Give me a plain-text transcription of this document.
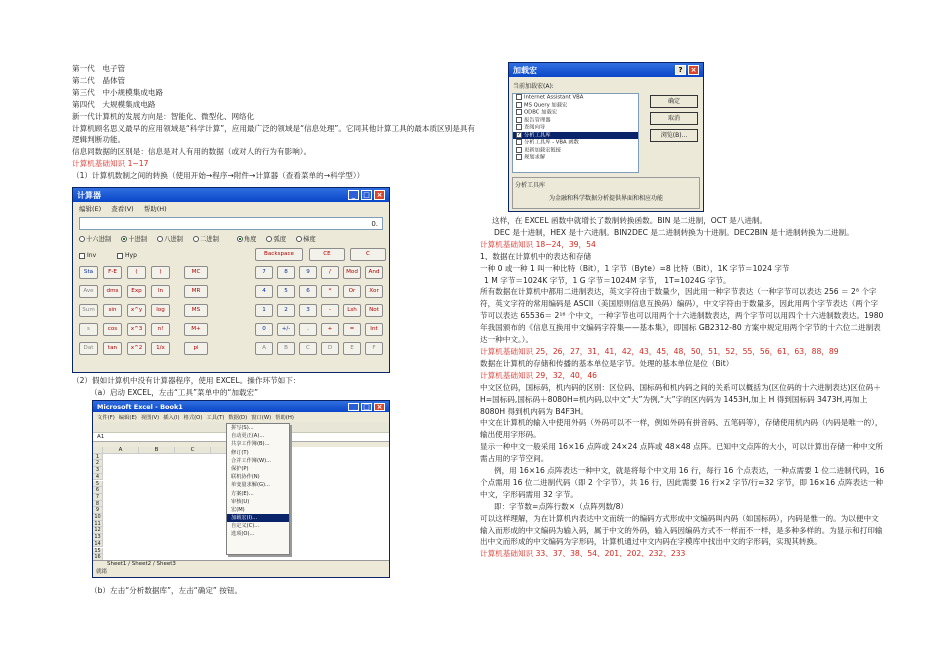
第一代　电子管
第二代　晶体管
第三代　中小规模集成电路
第四代　大规模集成电路
新一代计算机的发展方向是：智能化、微型化、网络化
计算机顾名思义最早的应用领域是“科学计算”，应用最广泛的领域是“信息处理”。它同其他计算工具的最本质区别是具有逻辑判断功能。
信息同数据的区别是：信息是对人有用的数据（或对人的行为有影响）。
计算机基础知识 1~17
（1）计算机数制之间的转换（使用开始→程序→附件→计算器（查看菜单的→科学型））
计算器	_	□ ×
编辑(E) 查看(V) 帮助(H)
0.
十六进制	十进制	八进制	二进制	角度	弧度	梯度
Inv	Hyp	Backspace	CE	C
Sta	F-E	(	)
Ave	dms	Exp	ln
Sum	sin	x^y	log
s	cos	x^3	n!
Dat	tan	x^2	1/x
MC
MR
MS
M+
pi
7	8	9	/	Mod	And
4	5	6	*	Or	Xor
1	2	3	-	Lsh	Not
0	+/-	.	+	=	Int
A	B	C	D	E	F
（2）假如计算机中没有计算器程序，使用 EXCEL。操作环节如下：
（a）启动 EXCEL，左击“工具”菜单中的“加载宏”
Microsoft Excel - Book1	_	□ ×
文件(F) 编辑(E) 视图(V) 插入(I) 格式(O) 工具(T) 数据(D) 窗口(W) 帮助(H)
A1
A	B	C
1
2
3
4
5
6
7
8
9
10
11
12
13
14
15
16
拼写(S)...
自动更正(A)...
共享工作簿(B)...
修订(T)
合并工作簿(W)...
保护(P)
联机协作(N)
单变量求解(G)...
方案(E)...
审核(U)
宏(M)
加载宏(I)...
自定义(C)...
选项(O)...
Sheet1 / Sheet2 / Sheet3
就绪
（b）左击“分析数据库”，左击“确定” 按钮。
加载宏	?	×
当前加载宏(A):
Internet Assistant VBA
MS Query 加载宏
ODBC 加载宏
报告管理器
查阅向导
✓ 分析工具库
分析工具库 - VBA 函数
更新加载宏链接
规划求解
确定
取消
浏览(B)...
分析工具库
为金融和科学数据分析提供界面和相应功能
这样，在 EXCEL 函数中就增长了数制转换函数。BIN 是二进制，OCT 是八进制。
DEC 是十进制，HEX 是十六进制。BIN2DEC 是二进制转换为十进制。DEC2BIN 是十进制转换为二进制。
计算机基础知识 18~24，39，54
1、数据在计算机中的表达和存储
一种 0 或一种 1 叫一种比特（Bit），1 字节（Byte）=8 比特（Bit），1K 字节＝1024 字节
1 M 字节＝1024K 字节，1 G 字节＝1024M 字节， 1T=1024G 字节。
所有数据在计算机中都用二进制表达，英文字符由于数量少，因此用一种字节表达（一种字节可以表达 256 ＝ 2⁸ 个字符，英文字符的常用编码是 ASCII（美国原则信息互换码）编码），中文字符由于数量多，因此用两个字节表达（两个字节可以表达 65536＝ 2¹⁶ 个中文，一种字节也可以用两个十六进制数表达，两个字节可以用四个十六进制数表达。1980 年我国颁布的《信息互换用中文编码字符集——基本集》，即国标 GB2312-80 方案中规定用两个字节的十六位二进制表达一种中文。）。
计算机基础知识 25，26，27，31，41，42，43，45，48，50，51，52，55，56，61，63，88，89
数据在计算机的存储和传播的基本单位是字节。处理的基本单位是位（Bit）
计算机基础知识 29，32，40，46
中文区位码，国标码，机内码的区别：区位码、国标码和机内码之间的关系可以概括为(区位码的十六进制表达)区位码＋H=国标码,国标码＋8080H=机内码,以中文“大”为例,“大”字的区内码为 1453H,加上 H 得到国标码 3473H,再加上 8080H 得到机内码为 B4F3H。
中文在计算机的输入中使用外码（外码可以不一样，例如外码有拼音码、五笔码等），存储使用机内码（内码是唯一的），输出使用字形码。
显示一种中文一般采用 16×16 点阵或 24×24 点阵或 48×48 点阵。已知中文点阵的大小，可以计算出存储一种中文所需占用的字节空间。
例，用 16×16 点阵表达一种中文，就是将每个中文用 16 行，每行 16 个点表达，一种点需要 1 位二进制代码，16 个点需用 16 位二进制代码（即 2 个字节），共 16 行，因此需要 16 行×2 字节/行=32 字节，即 16×16 点阵表达一种中文，字形码需用 32 字节。
即：字节数=点阵行数×（点阵列数/8）
可以这样理解，为在计算机内表达中文而统一的编码方式形成中文编码叫内码（如国标码），内码是惟一的。为以便中文输入而形成的中文编码为输入码，属于中文的外码，输入码因编码方式不一样而不一样，是多种多样的。为显示和打印输出中文而形成的中文编码为字形码，计算机通过中文内码在字模库中找出中文的字形码，实现其转换。
计算机基础知识 33、37、38、54、201、202、232、233
